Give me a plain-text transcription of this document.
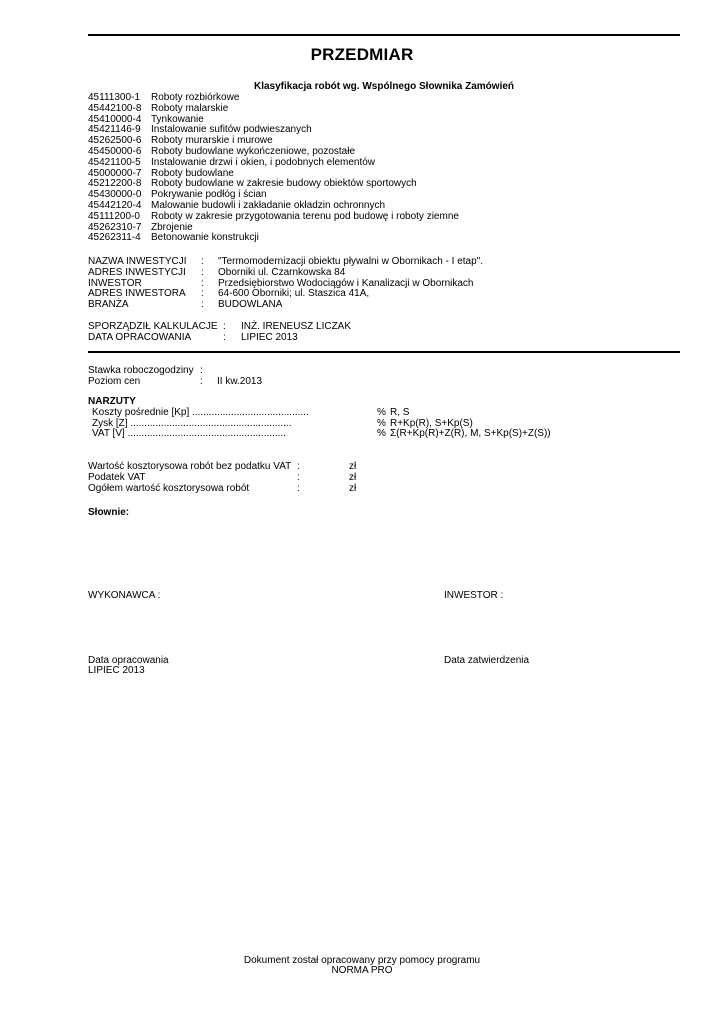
PRZEDMIAR
Klasyfikacja robót wg. Wspólnego Słownika Zamówień
45111300-1	Roboty rozbiórkowe
45442100-8 Roboty malarskie
45410000-4 Tynkowanie
45421146-9	Instalowanie sufitów podwieszanych
45262500-6 Roboty murarskie i murowe
45450000-6 Roboty budowlane wykończeniowe, pozostałe
45421100-5	Instalowanie drzwi i okien, i podobnych elementów
45000000-7 Roboty budowlane
45212200-8 Roboty budowlane w zakresie budowy obiektów sportowych
45430000-0 Pokrywanie podłóg i ścian
45442120-4 Malowanie budowli i zakładanie okładzin ochronnych
45111200-0	Roboty w zakresie przygotowania terenu pod budowę i roboty ziemne
45262310-7 Zbrojenie
45262311-4	Betonowanie konstrukcji
NAZWA INWESTYCJI	:	"Termomodernizacji obiektu pływalni w Obornikach - I etap".
ADRES INWESTYCJI	:	Oborniki ul. Czarnkowska 84
INWESTOR	:	Przedsiębiorstwo Wodociągów i Kanalizacji w Obornikach
ADRES INWESTORA	:	64-600 Oborniki; ul. Staszica 41A,
BRANŻA	:	BUDOWLANA
SPORZĄDZIŁ KALKULACJE :	INŻ. IRENEUSZ LICZAK
DATA OPRACOWANIA	:	LIPIEC 2013
Stawka roboczogodziny :
Poziom cen	:	II kw.2013
NARZUTY
Koszty pośrednie [Kp] ..........................................	% R, S
Zysk [Z] ..........................................................	% R+Kp(R), S+Kp(S)
VAT [V] .........................................................	% Σ(R+Kp(R)+Z(R), M, S+Kp(S)+Z(S))
Wartość kosztorysowa robót bez podatku VAT :	zł
Podatek VAT	:	zł
Ogółem wartość kosztorysowa robót	:	zł
Słownie:
WYKONAWCA :	INWESTOR :
Data opracowania
LIPIEC 2013
Data zatwierdzenia
Dokument został opracowany przy pomocy programu
NORMA PRO
